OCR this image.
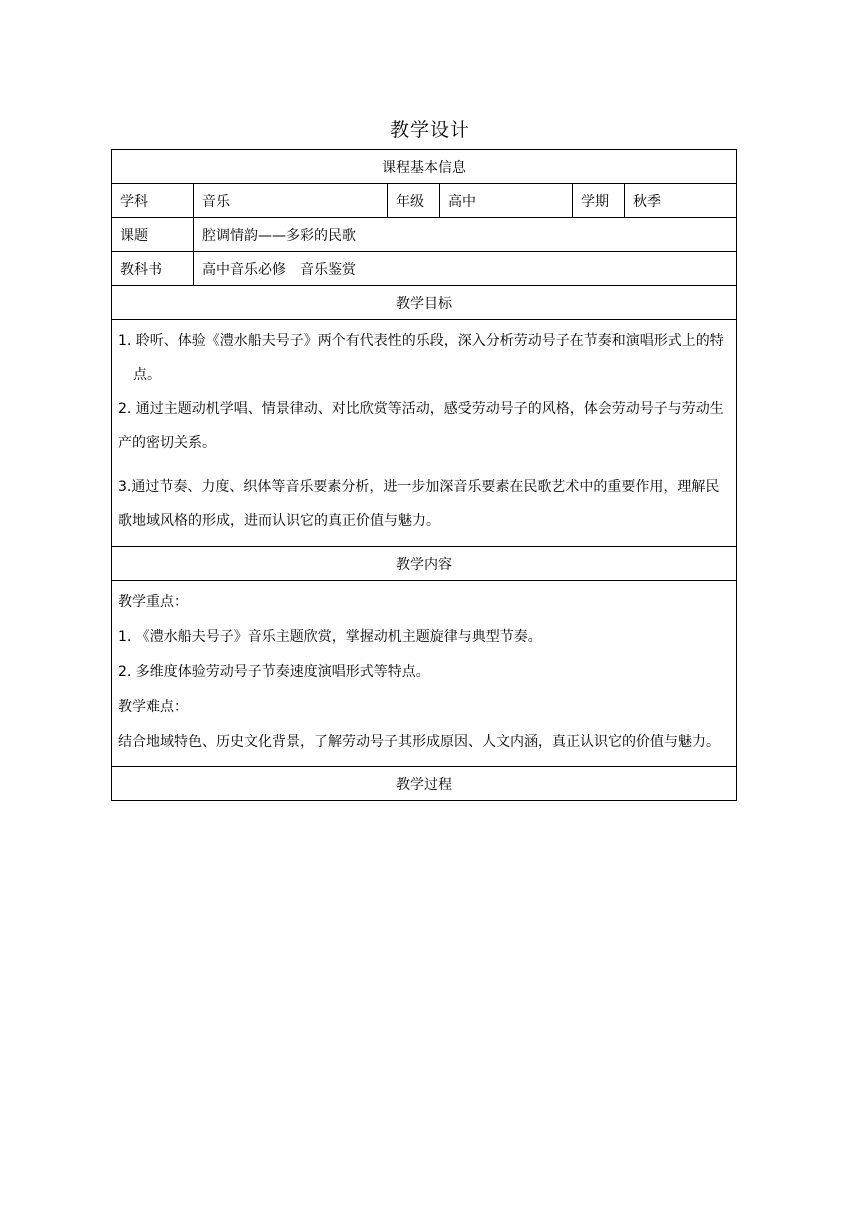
教学设计
课程基本信息					
学科	音乐	年级	高中	学期	秋季
课题	腔调情韵——多彩的民歌				
教科书	高中音乐必修　音乐鉴赏				
教学目标					

1. 聆听、体验《澧水船夫号子》两个有代表性的乐段，深入分析劳动号子在节奏和演唱形式上的特点。

2. 通过主题动机学唱、情景律动、对比欣赏等活动，感受劳动号子的风格，体会劳动号子与劳动生产的密切关系。

3.通过节奏、力度、织体等音乐要素分析，进一步加深音乐要素在民歌艺术中的重要作用，理解民歌地域风格的形成，进而认识它的真正价值与魅力。					

教学内容					

教学重点：

1. 《澧水船夫号子》音乐主题欣赏，掌握动机主题旋律与典型节奏。

2. 多维度体验劳动号子节奏速度演唱形式等特点。

教学难点：

结合地域特色、历史文化背景，了解劳动号子其形成原因、人文内涵，真正认识它的价值与魅力。					

教学过程					
